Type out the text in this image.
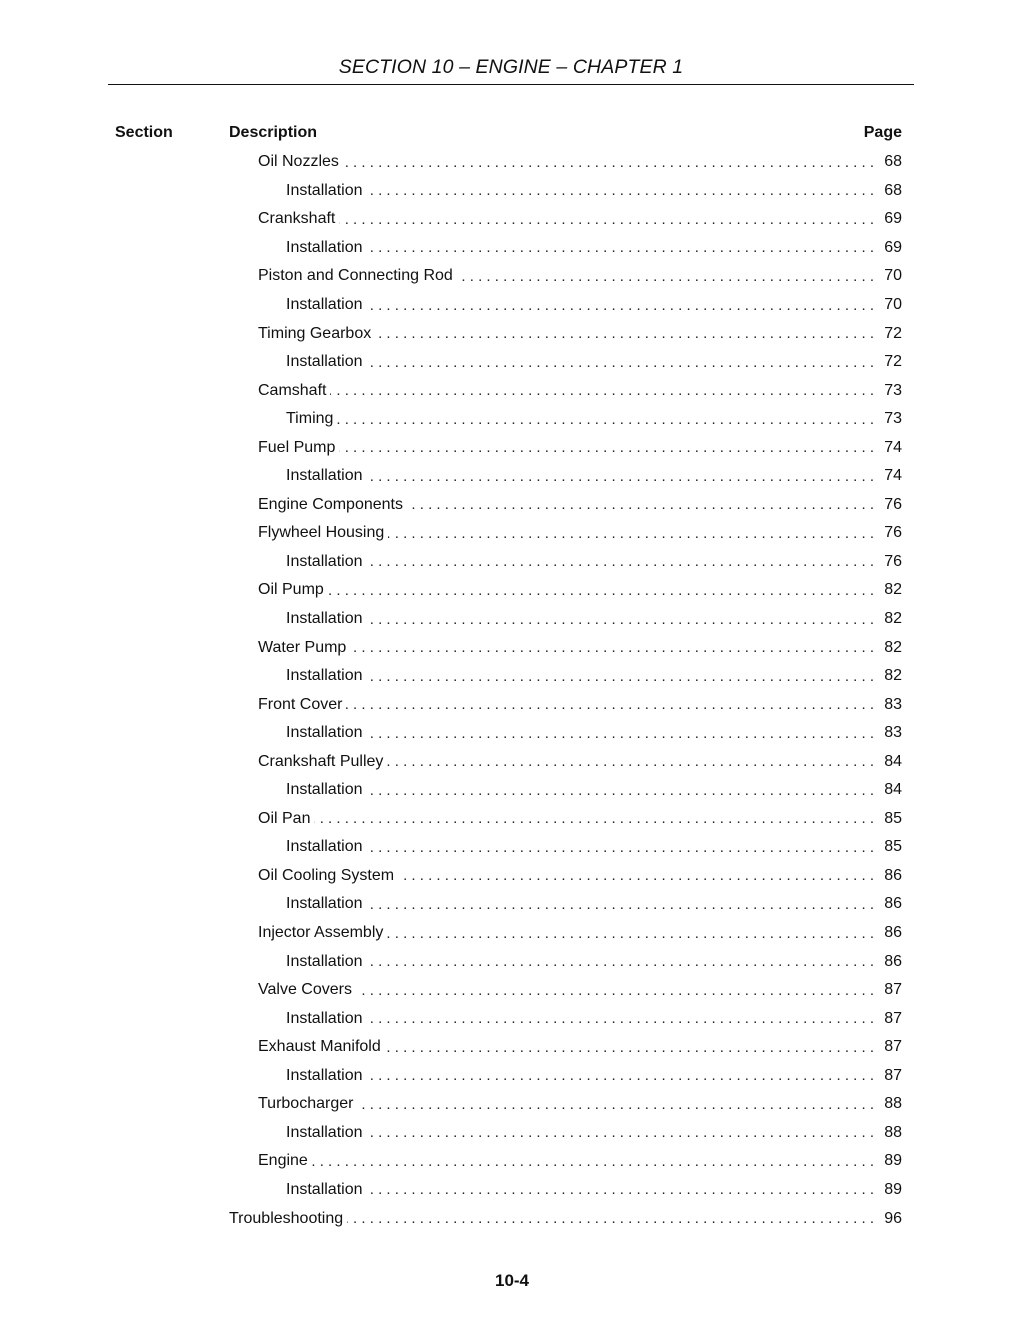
SECTION 10 – ENGINE – CHAPTER 1
Section	Description	Page
Oil Nozzles . . .	68
Installation . . .	68
Crankshaft . . .	69
Installation . . .	69
Piston and Connecting Rod . . .	70
Installation . . .	70
Timing Gearbox . . .	72
Installation . . .	72
Camshaft . . .	73
Timing . . .	73
Fuel Pump . . .	74
Installation . . .	74
Engine Components . . .	76
Flywheel Housing . . .	76
Installation . . .	76
Oil Pump . . .	82
Installation . . .	82
Water Pump . . .	82
Installation . . .	82
Front Cover . . .	83
Installation . . .	83
Crankshaft Pulley . . .	84
Installation . . .	84
Oil Pan . . .	85
Installation . . .	85
Oil Cooling System . . .	86
Installation . . .	86
Injector Assembly . . .	86
Installation . . .	86
Valve Covers . . .	87
Installation . . .	87
Exhaust Manifold . . .	87
Installation . . .	87
Turbocharger . . .	88
Installation . . .	88
Engine . . .	89
Installation . . .	89
Troubleshooting . . .	96
10-4
